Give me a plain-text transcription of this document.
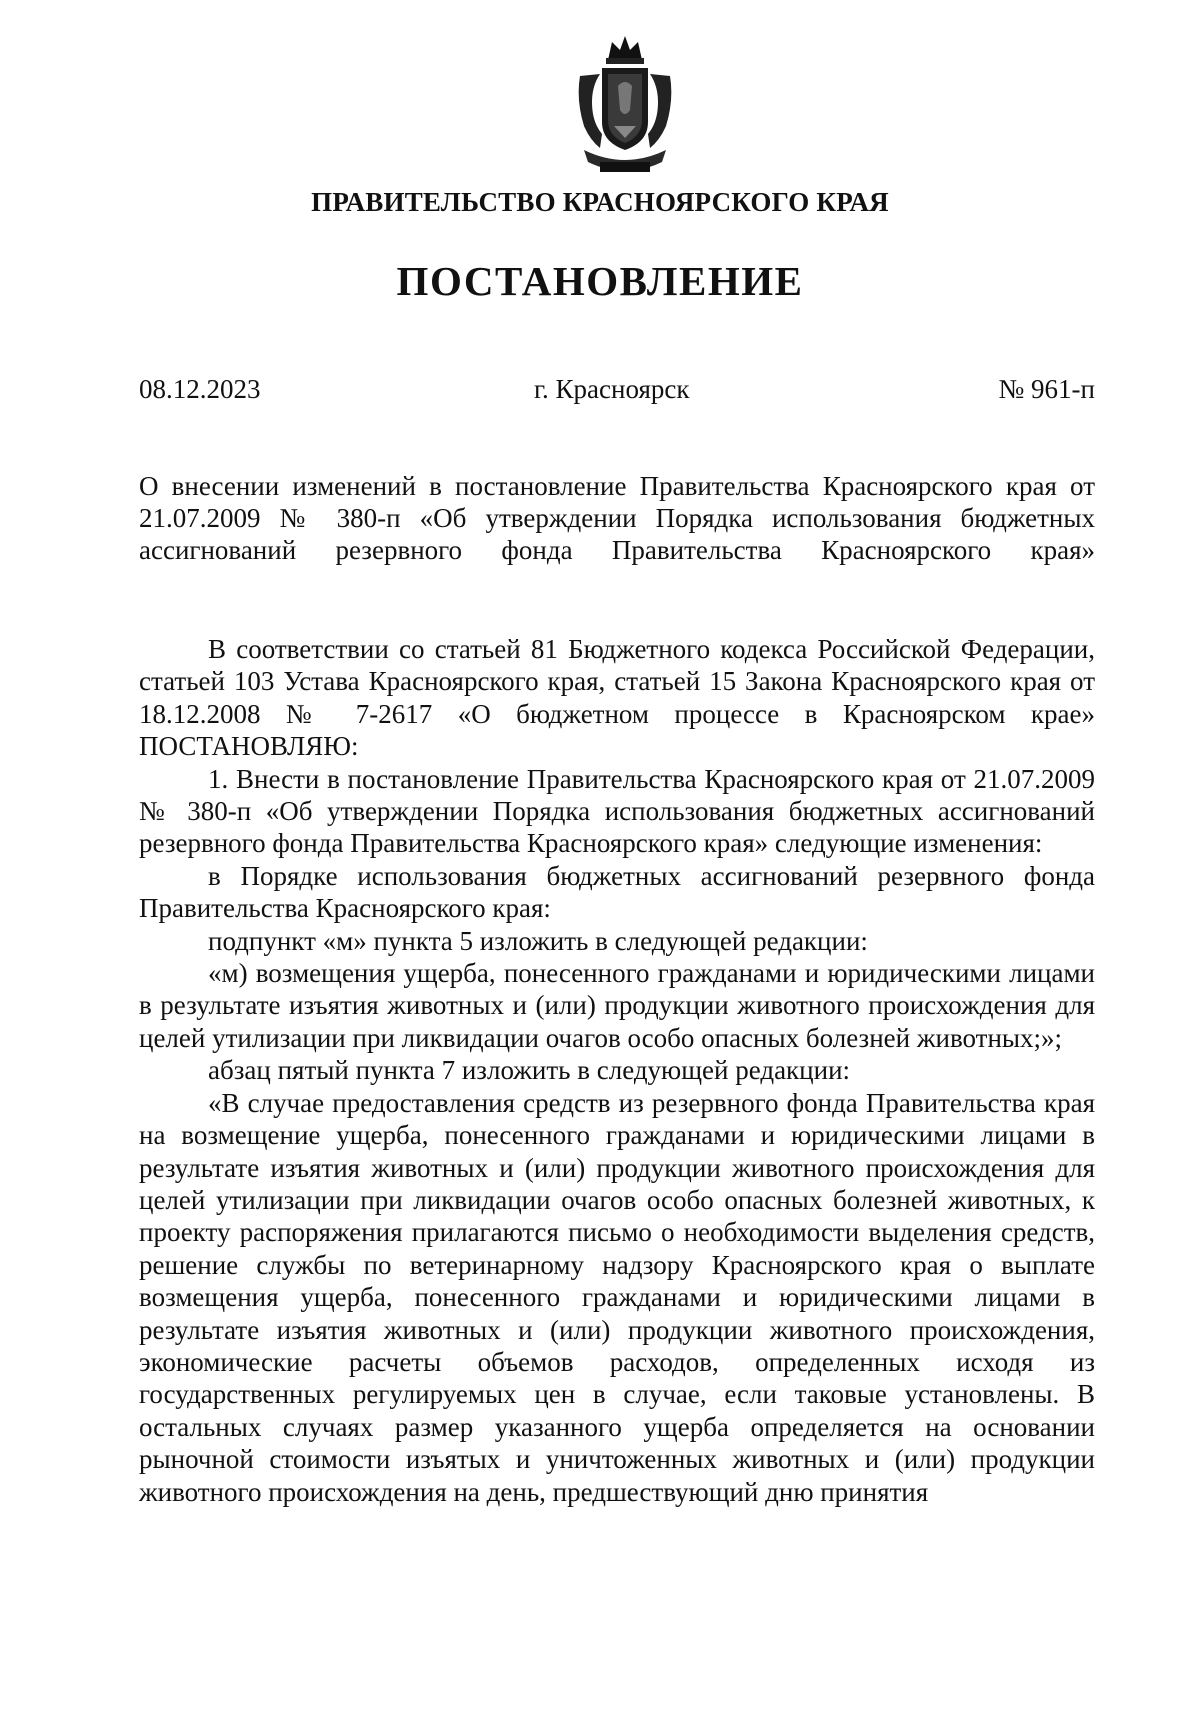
ПРАВИТЕЛЬСТВО КРАСНОЯРСКОГО КРАЯ
ПОСТАНОВЛЕНИЕ
08.12.2023	г. Красноярск	№ 961-п
О внесении изменений в постановление Правительства Красноярского края от 21.07.2009 № 380-п «Об утверждении Порядка использования бюджетных ассигнований резервного фонда Правительства Красноярского края»

В соответствии со статьей 81 Бюджетного кодекса Российской Федерации, статьей 103 Устава Красноярского края, статьей 15 Закона Красноярского края от 18.12.2008 № 7-2617 «О бюджетном процессе в Красноярском крае» ПОСТАНОВЛЯЮ:

1. Внести в постановление Правительства Красноярского края от 21.07.2009 № 380-п «Об утверждении Порядка использования бюджетных ассигнований резервного фонда Правительства Красноярского края» следующие изменения:

в Порядке использования бюджетных ассигнований резервного фонда Правительства Красноярского края:

подпункт «м» пункта 5 изложить в следующей редакции:

«м) возмещения ущерба, понесенного гражданами и юридическими лицами в результате изъятия животных и (или) продукции животного происхождения для целей утилизации при ликвидации очагов особо опасных болезней животных;»;

абзац пятый пункта 7 изложить в следующей редакции:

«В случае предоставления средств из резервного фонда Правительства края на возмещение ущерба, понесенного гражданами и юридическими лицами в результате изъятия животных и (или) продукции животного происхождения для целей утилизации при ликвидации очагов особо опасных болезней животных, к проекту распоряжения прилагаются письмо о необходимости выделения средств, решение службы по ветеринарному надзору Красноярского края о выплате возмещения ущерба, понесенного гражданами и юридическими лицами в результате изъятия животных и (или) продукции животного происхождения, экономические расчеты объемов расходов, определенных исходя из государственных регулируемых цен в случае, если таковые установлены. В остальных случаях размер указанного ущерба определяется на основании рыночной стоимости изъятых и уничтоженных животных и (или) продукции животного происхождения на день, предшествующий дню принятия
